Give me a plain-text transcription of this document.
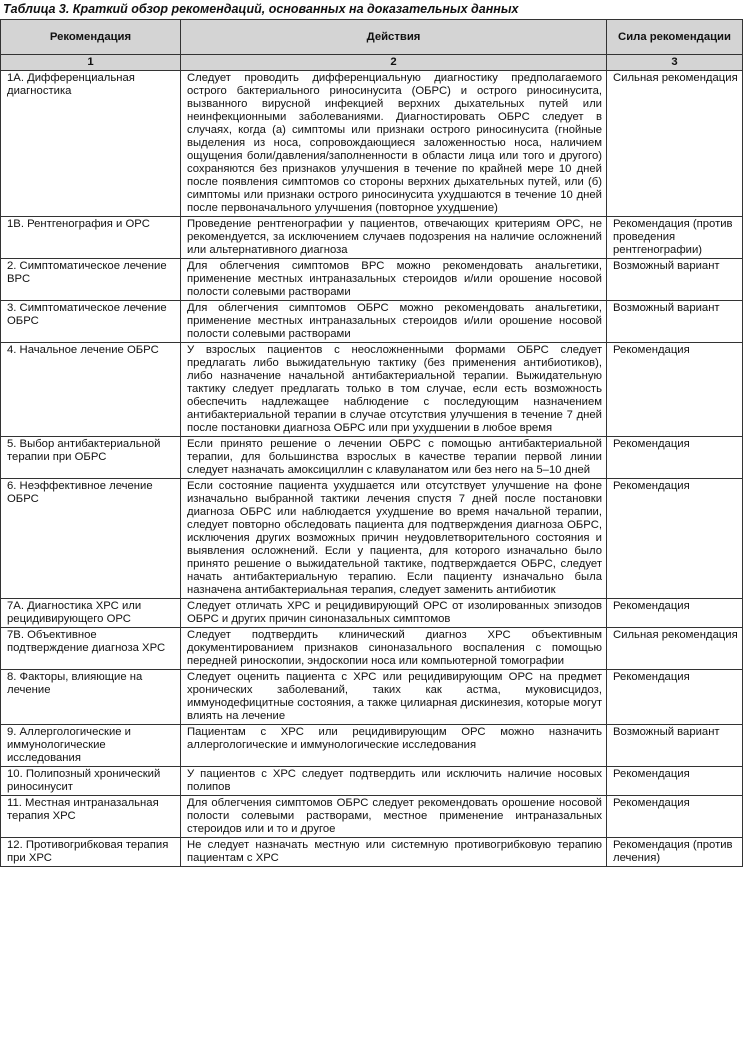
Таблица 3. Краткий обзор рекомендаций, основанных на доказательных данных
Рекомендация	Действия	Сила рекомендации
1	2	3
1А. Дифференциальная диагностика	Следует проводить дифференциальную диагностику предполагаемого острого бактериального риносинусита (ОБРС) и острого риносинусита, вызванного вирусной инфекцией верхних дыхательных путей или неинфекционными заболеваниями. Диагностировать ОБРС следует в случаях, когда (а) симптомы или признаки острого риносинусита (гнойные выделения из носа, сопровождающиеся заложенностью носа, наличием ощущения боли/давления/заполненности в области лица или того и другого) сохраняются без признаков улучшения в течение по крайней мере 10 дней после появления симптомов со стороны верхних дыхательных путей, или (б) симптомы или признаки острого риносинусита ухудшаются в течение 10 дней после первоначального улучшения (повторное ухудшение)	Сильная рекомендация
1В. Рентгенография и ОРС	Проведение рентгенографии у пациентов, отвечающих критериям ОРС, не рекомендуется, за исключением случаев подозрения на наличие осложнений или альтернативного диагноза	Рекомендация (против проведения рентгенографии)
2. Симптоматическое лечение ВРС	Для облегчения симптомов ВРС можно рекомендовать анальгетики, применение местных интраназальных стероидов и/или орошение носовой полости солевыми растворами	Возможный вариант
3. Симптоматическое лечение ОБРС	Для облегчения симптомов ОБРС можно рекомендовать анальгетики, применение местных интраназальных стероидов и/или орошение носовой полости солевыми растворами	Возможный вариант
4. Начальное лечение ОБРС	У взрослых пациентов с неосложненными формами ОБРС следует предлагать либо выжидательную тактику (без применения антибиотиков), либо назначение начальной антибактериальной терапии. Выжидательную тактику следует предлагать только в том случае, если есть возможность обеспечить надлежащее наблюдение с последующим назначением антибактериальной терапии в случае отсутствия улучшения в течение 7 дней после постановки диагноза ОБРС или при ухудшении в любое время	Рекомендация
5. Выбор антибактериальной терапии при ОБРС	Если принято решение о лечении ОБРС с помощью антибактериальной терапии, для большинства взрослых в качестве терапии первой линии следует назначать амоксициллин с клавуланатом или без него на 5–10 дней	Рекомендация
6. Неэффективное лечение ОБРС	Если состояние пациента ухудшается или отсутствует улучшение на фоне изначально выбранной тактики лечения спустя 7 дней после постановки диагноза ОБРС или наблюдается ухудшение во время начальной терапии, следует повторно обследовать пациента для подтверждения диагноза ОБРС, исключения других возможных причин неудовлетворительного состояния и выявления осложнений. Если у пациента, для которого изначально было принято решение о выжидательной тактике, подтверждается ОБРС, следует начать антибактериальную терапию. Если пациенту изначально была назначена антибактериальная терапия, следует заменить антибиотик	Рекомендация
7А. Диагностика ХРС или рецидивирующего ОРС	Следует отличать ХРС и рецидивирующий ОРС от изолированных эпизодов ОБРС и других причин синоназальных симптомов	Рекомендация
7В. Объективное подтверждение диагноза ХРС	Следует подтвердить клинический диагноз ХРС объективным документированием признаков синоназального воспаления с помощью передней риноскопии, эндоскопии носа или компьютерной томографии	Сильная рекомендация
8. Факторы, влияющие на лечение	Следует оценить пациента с ХРС или рецидивирующим ОРС на предмет хронических заболеваний, таких как астма, муковисцидоз, иммунодефицитные состояния, а также цилиарная дискинезия, которые могут влиять на лечение	Рекомендация
9. Аллергологические и иммунологические исследования	Пациентам с ХРС или рецидивирующим ОРС можно назначить аллергологические и иммунологические исследования	Возможный вариант
10. Полипозный хронический риносинусит	У пациентов с ХРС следует подтвердить или исключить наличие носовых полипов	Рекомендация
11. Местная интраназальная терапия ХРС	Для облегчения симптомов ОБРС следует рекомендовать орошение носовой полости солевыми растворами, местное применение интраназальных стероидов или и то и другое	Рекомендация
12. Противогрибковая терапия при ХРС	Не следует назначать местную или системную противогрибковую терапию пациентам с ХРС	Рекомендация (против лечения)
